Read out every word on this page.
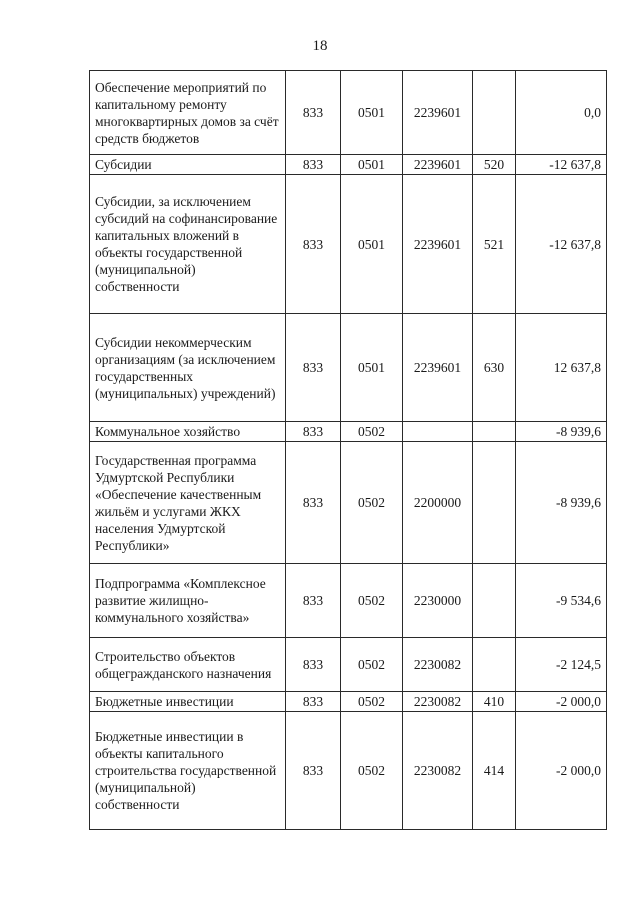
18
Обеспечение мероприятий по капитальному ремонту многоквартирных домов за счёт средств бюджетов	833	0501	2239601		0,0
Субсидии	833	0501	2239601	520	-12 637,8
Субсидии, за исключением субсидий на софинансирование капитальных вложений в объекты государственной (муниципальной) собственности	833	0501	2239601	521	-12 637,8
Субсидии некоммерческим организациям (за исключением государственных (муниципальных) учреждений)	833	0501	2239601	630	12 637,8
Коммунальное хозяйство	833	0502			-8 939,6
Государственная программа Удмуртской Республики «Обеспечение качественным жильём и услугами ЖКХ населения Удмуртской Республики»	833	0502	2200000		-8 939,6
Подпрограмма «Комплексное развитие жилищно-коммунального хозяйства»	833	0502	2230000		-9 534,6
Строительство объектов общегражданского назначения	833	0502	2230082		-2 124,5
Бюджетные инвестиции	833	0502	2230082	410	-2 000,0
Бюджетные инвестиции в объекты капитального строительства государственной (муниципальной) собственности	833	0502	2230082	414	-2 000,0
